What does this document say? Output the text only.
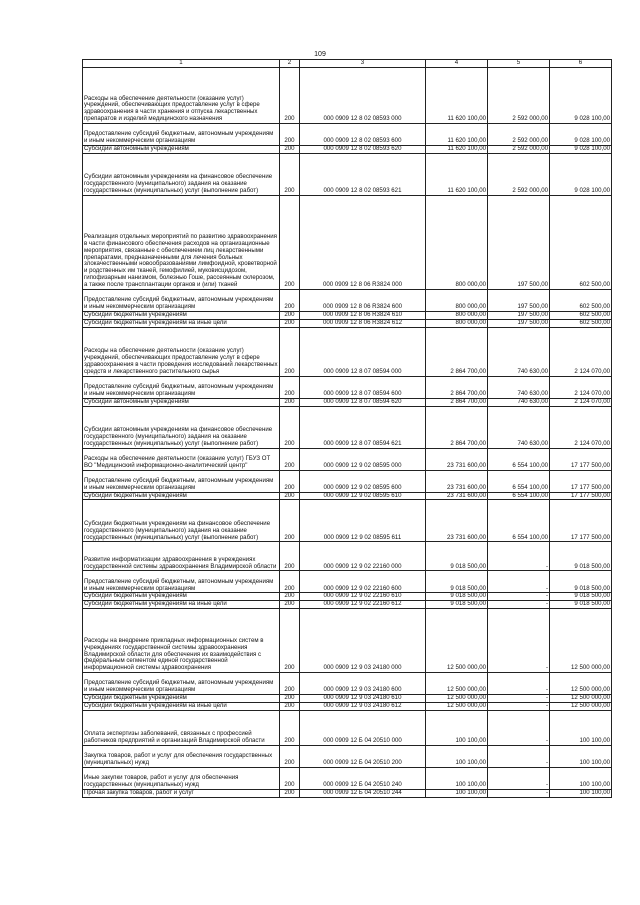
109
1	2	3	4	5	6
Расходы на обеспечение деятельности (оказание услуг) учреждений, обеспечивающих предоставление услуг в сфере здравоохранения в части хранения и отпуска лекарственных препаратов и изделий медицинского назначения	200	000 0909 12 8 02 08593 000	11 620 100,00	2 592 000,00	9 028 100,00
Предоставление субсидий бюджетным, автономным учреждениям и иным некоммерческим организациям	200	000 0909 12 8 02 08593 600	11 620 100,00	2 592 000,00	9 028 100,00
Субсидии автономным учреждениям	200	000 0909 12 8 02 08593 620	11 620 100,00	2 592 000,00	9 028 100,00
Субсидии автономным учреждениям на финансовое обеспечение государственного (муниципального) задания на оказание государственных (муниципальных) услуг (выполнение работ)	200	000 0909 12 8 02 08593 621	11 620 100,00	2 592 000,00	9 028 100,00
Реализация отдельных мероприятий по развитию здравоохранения в части финансового обеспечения расходов на организационные мероприятия, связанные с обеспечением лиц лекарственными препаратами, предназначенными для лечения больных злокачественными новообразованиями лимфоидной, кроветворной и родственных им тканей, гемофилией, муковисцидозом, гипофизарным нанизмом, болезнью Гоше, рассеянным склерозом, а также после трансплантации органов и (или) тканей	200	000 0909 12 8 06 R3824 000	800 000,00	197 500,00	602 500,00
Предоставление субсидий бюджетным, автономным учреждениям и иным некоммерческим организациям	200	000 0909 12 8 06 R3824 600	800 000,00	197 500,00	602 500,00
Субсидии бюджетным учреждениям	200	000 0909 12 8 06 R3824 610	800 000,00	197 500,00	602 500,00
Субсидии бюджетным учреждениям на иные цели	200	000 0909 12 8 06 R3824 612	800 000,00	197 500,00	602 500,00
Расходы на обеспечение деятельности (оказание услуг) учреждений, обеспечивающих предоставление услуг в сфере здравоохранения в части проведения исследований лекарственных средств и лекарственного растительного сырья	200	000 0909 12 8 07 08594 000	2 864 700,00	740 630,00	2 124 070,00
Предоставление субсидий бюджетным, автономным учреждениям и иным некоммерческим организациям	200	000 0909 12 8 07 08594 600	2 864 700,00	740 630,00	2 124 070,00
Субсидии автономным учреждениям	200	000 0909 12 8 07 08594 620	2 864 700,00	740 630,00	2 124 070,00
Субсидии автономным учреждениям на финансовое обеспечение государственного (муниципального) задания на оказание государственных (муниципальных) услуг (выполнение работ)	200	000 0909 12 8 07 08594 621	2 864 700,00	740 630,00	2 124 070,00
Расходы на обеспечение деятельности (оказание услуг) ГБУЗ ОТ ВО "Медицинский информационно-аналитический центр"	200	000 0909 12 9 02 08595 000	23 731 600,00	6 554 100,00	17 177 500,00
Предоставление субсидий бюджетным, автономным учреждениям и иным некоммерческим организациям	200	000 0909 12 9 02 08595 600	23 731 600,00	6 554 100,00	17 177 500,00
Субсидии бюджетным учреждениям	200	000 0909 12 9 02 08595 610	23 731 600,00	6 554 100,00	17 177 500,00
Субсидии бюджетным учреждениям на финансовое обеспечение государственного (муниципального) задания на оказание государственных (муниципальных) услуг (выполнение работ)	200	000 0909 12 9 02 08595 611	23 731 600,00	6 554 100,00	17 177 500,00
Развитие информатизации здравоохранения в учреждениях государственной системы здравоохранения Владимирской области	200	000 0909 12 9 02 22160 000	9 018 500,00	-	9 018 500,00
Предоставление субсидий бюджетным, автономным учреждениям и иным некоммерческим организациям	200	000 0909 12 9 02 22160 600	9 018 500,00	-	9 018 500,00
Субсидии бюджетным учреждениям	200	000 0909 12 9 02 22160 610	9 018 500,00	-	9 018 500,00
Субсидии бюджетным учреждениям на иные цели	200	000 0909 12 9 02 22160 612	9 018 500,00	-	9 018 500,00
Расходы на внедрение прикладных информационных систем в учреждениях государственной системы здравоохранения Владимирской области для обеспечения их взаимодействия с федеральным сегментом единой государственной информационной системы здравоохранения	200	000 0909 12 9 03 24180 000	12 500 000,00	-	12 500 000,00
Предоставление субсидий бюджетным, автономным учреждениям и иным некоммерческим организациям	200	000 0909 12 9 03 24180 600	12 500 000,00	-	12 500 000,00
Субсидии бюджетным учреждениям	200	000 0909 12 9 03 24180 610	12 500 000,00	-	12 500 000,00
Субсидии бюджетным учреждениям на иные цели	200	000 0909 12 9 03 24180 612	12 500 000,00	-	12 500 000,00
Оплата экспертизы заболеваний, связанных с профессией работников предприятий и организаций Владимирской области	200	000 0909 12 Б 04 20510 000	100 100,00	-	100 100,00
Закупка товаров, работ и услуг для обеспечения государственных (муниципальных) нужд	200	000 0909 12 Б 04 20510 200	100 100,00	-	100 100,00
Иные закупки товаров, работ и услуг для обеспечения государственных (муниципальных) нужд	200	000 0909 12 Б 04 20510 240	100 100,00	-	100 100,00
Прочая закупка товаров, работ и услуг	200	000 0909 12 Б 04 20510 244	100 100,00	-	100 100,00
